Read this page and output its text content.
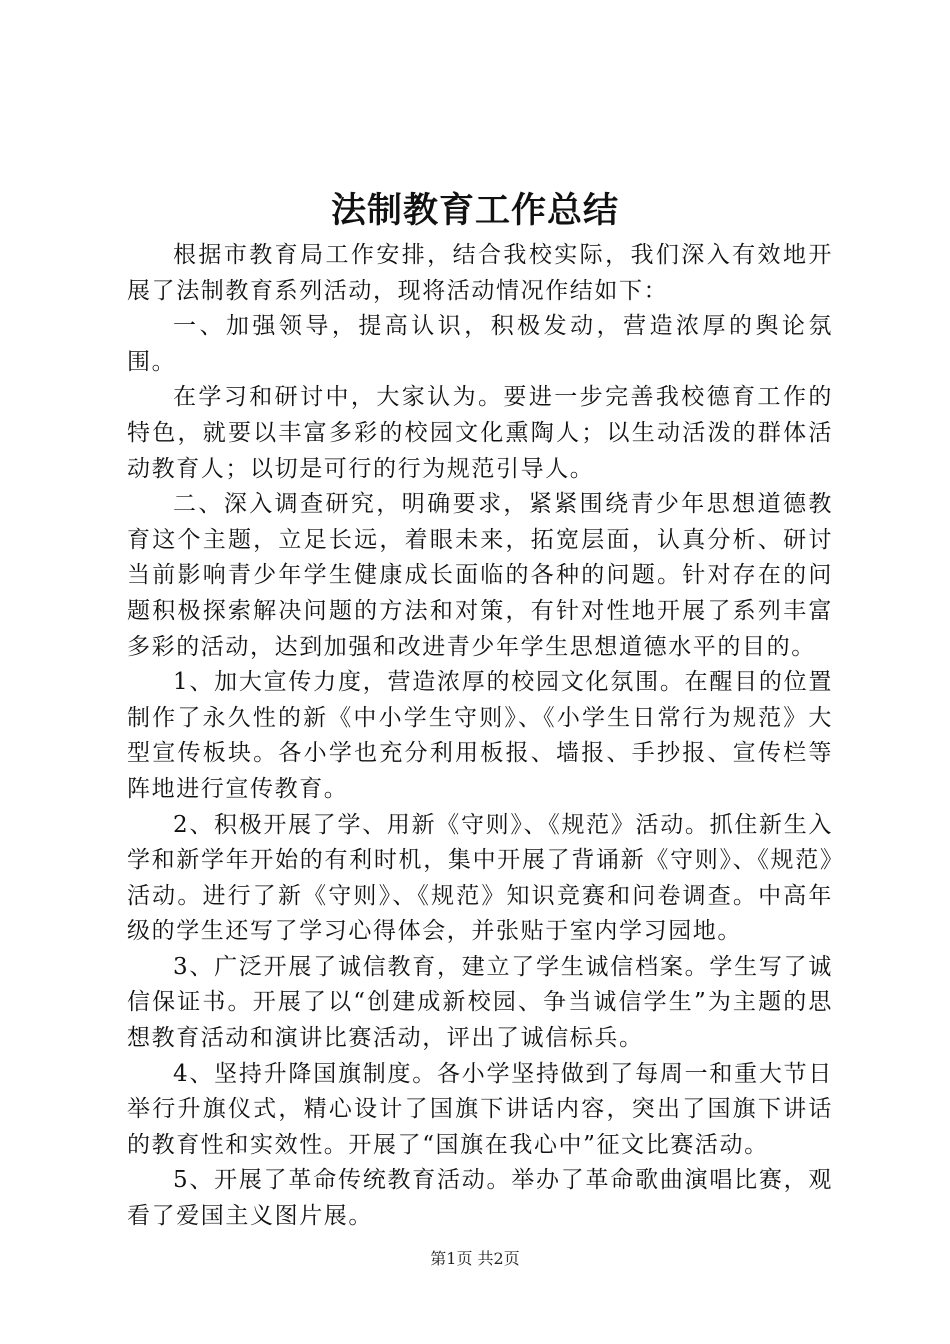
法制教育工作总结

根据市教育局工作安排，结合我校实际，我们深入有效地开展了法制教育系列活动，现将活动情况作结如下：

一、加强领导，提高认识，积极发动，营造浓厚的舆论氛围。

在学习和研讨中，大家认为。要进一步完善我校德育工作的特色，就要以丰富多彩的校园文化熏陶人；以生动活泼的群体活动教育人；以切是可行的行为规范引导人。

二、深入调查研究，明确要求，紧紧围绕青少年思想道德教育这个主题，立足长远，着眼未来，拓宽层面，认真分析、研讨当前影响青少年学生健康成长面临的各种的问题。针对存在的问题积极探索解决问题的方法和对策，有针对性地开展了系列丰富多彩的活动，达到加强和改进青少年学生思想道德水平的目的。

1、加大宣传力度，营造浓厚的校园文化氛围。在醒目的位置制作了永久性的新《中小学生守则》、《小学生日常行为规范》大型宣传板块。各小学也充分利用板报、墙报、手抄报、宣传栏等阵地进行宣传教育。

2、积极开展了学、用新《守则》、《规范》活动。抓住新生入学和新学年开始的有利时机，集中开展了背诵新《守则》、《规范》活动。进行了新《守则》、《规范》知识竞赛和问卷调查。中高年级的学生还写了学习心得体会，并张贴于室内学习园地。

3、广泛开展了诚信教育，建立了学生诚信档案。学生写了诚信保证书。开展了以“创建成新校园、争当诚信学生”为主题的思想教育活动和演讲比赛活动，评出了诚信标兵。

4、坚持升降国旗制度。各小学坚持做到了每周一和重大节日举行升旗仪式，精心设计了国旗下讲话内容，突出了国旗下讲话的教育性和实效性。开展了“国旗在我心中”征文比赛活动。

5、开展了革命传统教育活动。举办了革命歌曲演唱比赛，观看了爱国主义图片展。

第1页 共2页
